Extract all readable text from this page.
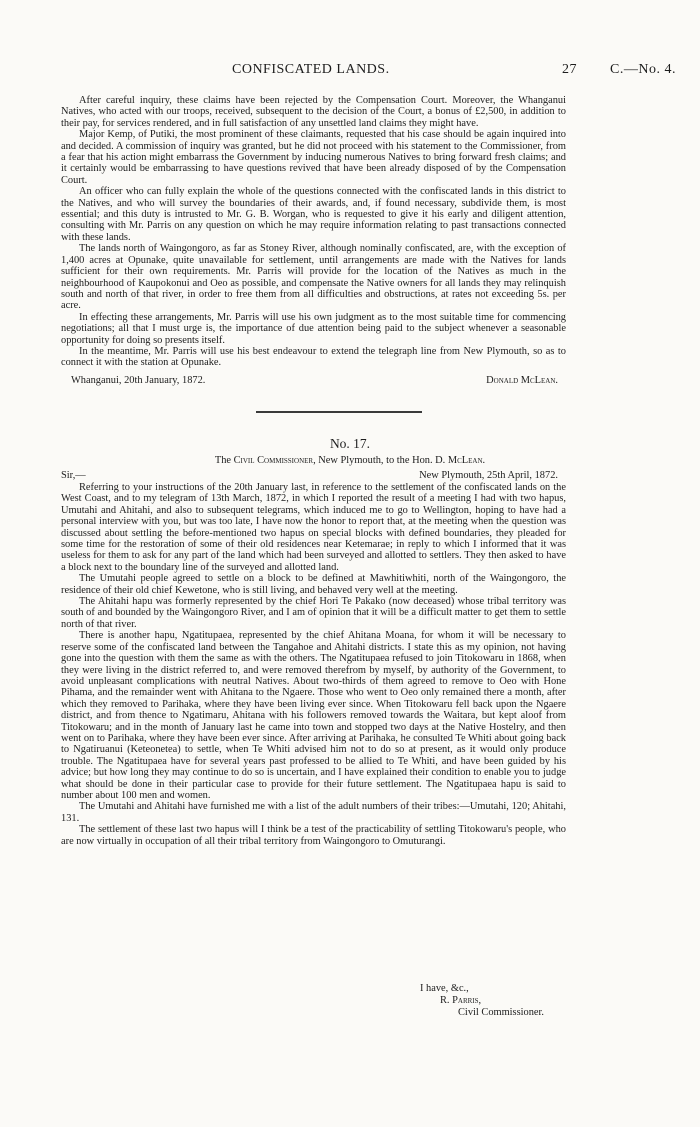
CONFISCATED LANDS.	27 C.—No. 4.

After careful inquiry, these claims have been rejected by the Compensation Court. Moreover, the Whanganui Natives, who acted with our troops, received, subsequent to the decision of the Court, a bonus of £2,500, in addition to their pay, for services rendered, and in full satisfaction of any unsettled land claims they might have.

Major Kemp, of Putiki, the most prominent of these claimants, requested that his case should be again inquired into and decided. A commission of inquiry was granted, but he did not proceed with his statement to the Commissioner, from a fear that his action might embarrass the Government by inducing numerous Natives to bring forward fresh claims; and it certainly would be embarrassing to have questions revived that have been already disposed of by the Compensation Court.

An officer who can fully explain the whole of the questions connected with the confiscated lands in this district to the Natives, and who will survey the boundaries of their awards, and, if found necessary, subdivide them, is most essential; and this duty is intrusted to Mr. G. B. Worgan, who is requested to give it his early and diligent attention, consulting with Mr. Parris on any question on which he may require information relating to past transactions connected with these lands.

The lands north of Waingongoro, as far as Stoney River, although nominally confiscated, are, with the exception of 1,400 acres at Opunake, quite unavailable for settlement, until arrangements are made with the Natives for lands sufficient for their own requirements. Mr. Parris will provide for the location of the Natives as much in the neighbourhood of Kaupokonui and Oeo as possible, and compensate the Native owners for all lands they may relinquish south and north of that river, in order to free them from all difficulties and obstructions, at rates not exceeding 5s. per acre.

In effecting these arrangements, Mr. Parris will use his own judgment as to the most suitable time for commencing negotiations; all that I must urge is, the importance of due attention being paid to the subject whenever a seasonable opportunity for doing so presents itself.

In the meantime, Mr. Parris will use his best endeavour to extend the telegraph line from New Plymouth, so as to connect it with the station at Opunake.

Whanganui, 20th January, 1872.	Donald McLean.
No. 17.
The Civil Commissioner, New Plymouth, to the Hon. D. McLean.
Sir,—	New Plymouth, 25th April, 1872.

Referring to your instructions of the 20th January last, in reference to the settlement of the confiscated lands on the West Coast, and to my telegram of 13th March, 1872, in which I reported the result of a meeting I had with two hapus, Umutahi and Ahitahi, and also to subsequent telegrams, which induced me to go to Wellington, hoping to have had a personal interview with you, but was too late, I have now the honor to report that, at the meeting when the question was discussed about settling the before-mentioned two hapus on special blocks with defined boundaries, they pleaded for some time for the restoration of some of their old residences near Ketemarae; in reply to which I informed that it was useless for them to ask for any part of the land which had been surveyed and allotted to settlers. They then asked to have a block next to the boundary line of the surveyed and allotted land.

The Umutahi people agreed to settle on a block to be defined at Mawhitiwhiti, north of the Waingongoro, the residence of their old chief Kewetone, who is still living, and behaved very well at the meeting.

The Ahitahi hapu was formerly represented by the chief Hori Te Pakako (now deceased) whose tribal territory was south of and bounded by the Waingongoro River, and I am of opinion that it will be a difficult matter to get them to settle north of that river.

There is another hapu, Ngatitupaea, represented by the chief Ahitana Moana, for whom it will be necessary to reserve some of the confiscated land between the Tangahoe and Ahitahi districts. I state this as my opinion, not having gone into the question with them the same as with the others. The Ngatitupaea refused to join Titokowaru in 1868, when they were living in the district referred to, and were removed therefrom by myself, by authority of the Government, to avoid unpleasant complications with neutral Natives. About two-thirds of them agreed to remove to Oeo with Hone Pihama, and the remainder went with Ahitana to the Ngaere. Those who went to Oeo only remained there a month, after which they removed to Parihaka, where they have been living ever since. When Titokowaru fell back upon the Ngaere district, and from thence to Ngatimaru, Ahitana with his followers removed towards the Waitara, but kept aloof from Titokowaru; and in the month of January last he came into town and stopped two days at the Native Hostelry, and then went on to Parihaka, where they have been ever since. After arriving at Parihaka, he consulted Te Whiti about going back to Ngatiruanui (Keteonetea) to settle, when Te Whiti advised him not to do so at present, as it would only produce trouble. The Ngatitupaea have for several years past professed to be allied to Te Whiti, and have been guided by his advice; but how long they may continue to do so is uncertain, and I have explained their condition to enable you to judge what should be done in their particular case to provide for their future settlement. The Ngatitupaea hapu is said to number about 100 men and women.

The Umutahi and Ahitahi have furnished me with a list of the adult numbers of their tribes:—Umutahi, 120; Ahitahi, 131.

The settlement of these last two hapus will I think be a test of the practicability of settling Titokowaru's people, who are now virtually in occupation of all their tribal territory from Waingongoro to Omuturangi.

I have, &c.,
R. Parris,
Civil Commissioner.
